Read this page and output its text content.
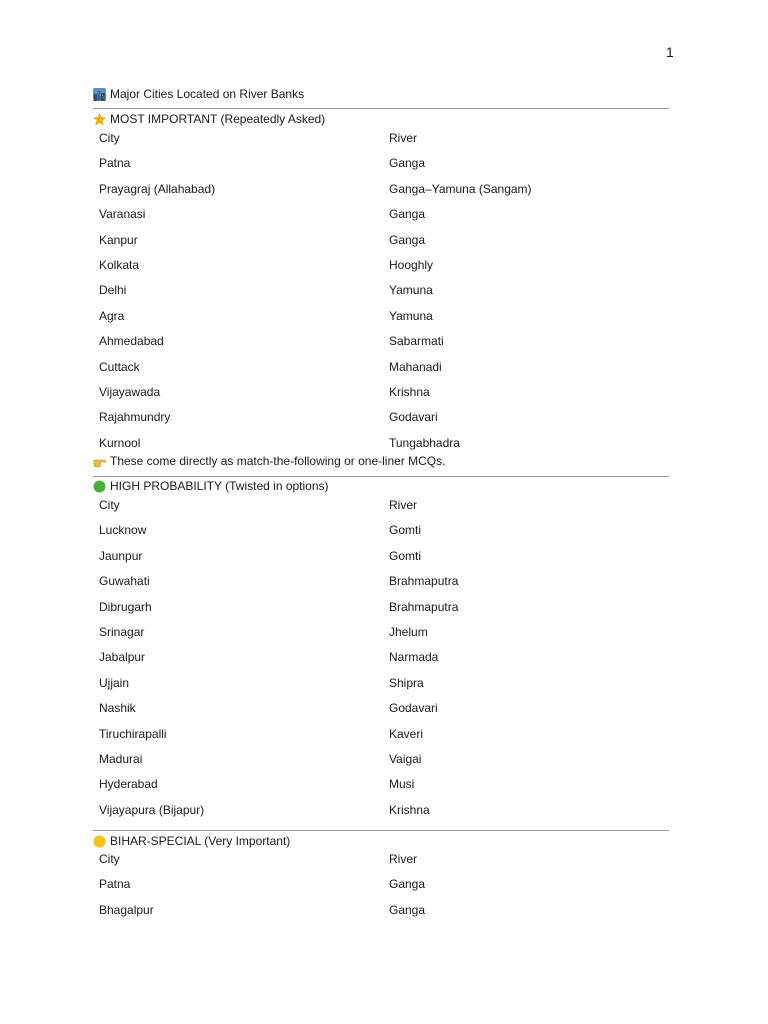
1
Major Cities Located on River Banks
MOST IMPORTANT (Repeatedly Asked)
City	River
Patna	Ganga
Prayagraj (Allahabad)	Ganga–Yamuna (Sangam)
Varanasi	Ganga
Kanpur	Ganga
Kolkata	Hooghly
Delhi	Yamuna
Agra	Yamuna
Ahmedabad	Sabarmati
Cuttack	Mahanadi
Vijayawada	Krishna
Rajahmundry	Godavari
Kurnool	Tungabhadra
These come directly as match-the-following or one-liner MCQs.
HIGH PROBABILITY (Twisted in options)
City	River
Lucknow	Gomti
Jaunpur	Gomti
Guwahati	Brahmaputra
Dibrugarh	Brahmaputra
Srinagar	Jhelum
Jabalpur	Narmada
Ujjain	Shipra
Nashik	Godavari
Tiruchirapalli	Kaveri
Madurai	Vaigai
Hyderabad	Musi
Vijayapura (Bijapur)	Krishna
BIHAR-SPECIAL (Very Important)
City	River
Patna	Ganga
Bhagalpur	Ganga
